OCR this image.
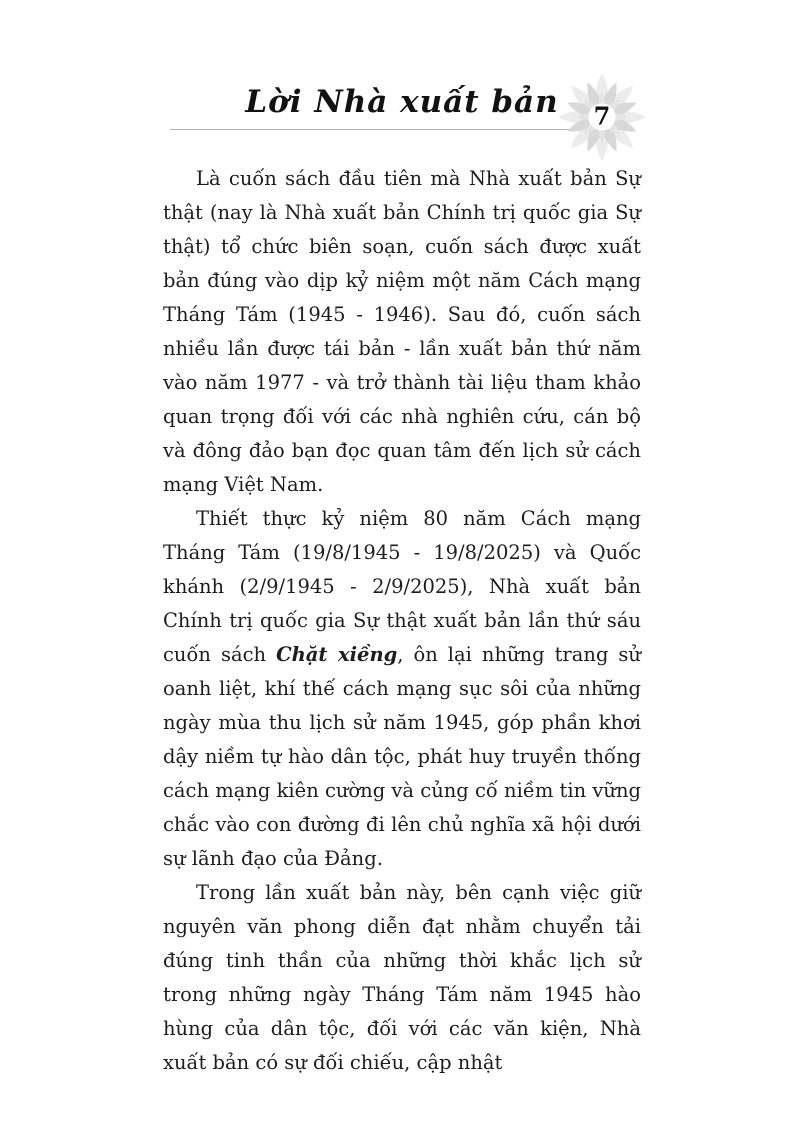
Lời Nhà xuất bản	7

Là cuốn sách đầu tiên mà Nhà xuất bản Sự thật (nay là Nhà xuất bản Chính trị quốc gia Sự thật) tổ chức biên soạn, cuốn sách được xuất bản đúng vào dịp kỷ niệm một năm Cách mạng Tháng Tám (1945 - 1946). Sau đó, cuốn sách nhiều lần được tái bản - lần xuất bản thứ năm vào năm 1977 - và trở thành tài liệu tham khảo quan trọng đối với các nhà nghiên cứu, cán bộ và đông đảo bạn đọc quan tâm đến lịch sử cách mạng Việt Nam.

Thiết thực kỷ niệm 80 năm Cách mạng Tháng Tám (19/8/1945 - 19/8/2025) và Quốc khánh (2/9/1945 - 2/9/2025), Nhà xuất bản Chính trị quốc gia Sự thật xuất bản lần thứ sáu cuốn sách Chặt xiềng, ôn lại những trang sử oanh liệt, khí thế cách mạng sục sôi của những ngày mùa thu lịch sử năm 1945, góp phần khơi dậy niềm tự hào dân tộc, phát huy truyền thống cách mạng kiên cường và củng cố niềm tin vững chắc vào con đường đi lên chủ nghĩa xã hội dưới sự lãnh đạo của Đảng.

Trong lần xuất bản này, bên cạnh việc giữ nguyên văn phong diễn đạt nhằm chuyển tải đúng tinh thần của những thời khắc lịch sử trong những ngày Tháng Tám năm 1945 hào hùng của dân tộc, đối với các văn kiện, Nhà xuất bản có sự đối chiếu, cập nhật
